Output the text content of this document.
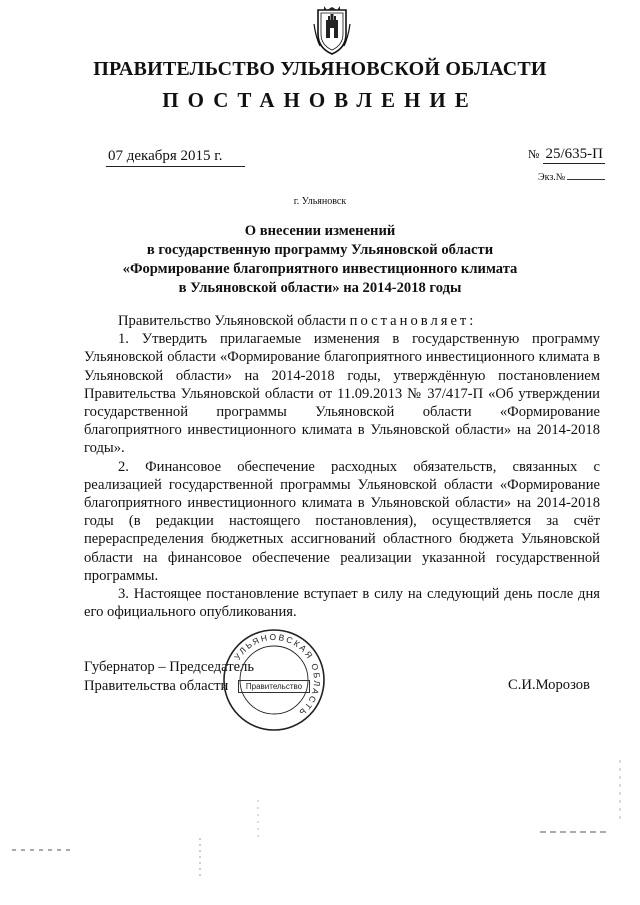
ПРАВИТЕЛЬСТВО УЛЬЯНОВСКОЙ ОБЛАСТИ
ПОСТАНОВЛЕНИЕ
07 декабря 2015 г.	№ 25/635-П
Экз.№
г. Ульяновск
О внесении изменений
в государственную программу Ульяновской области
«Формирование благоприятного инвестиционного климата
в Ульяновской области» на 2014-2018 годы

Правительство Ульяновской области постановляет:

1. Утвердить прилагаемые изменения в государственную программу Ульяновской области «Формирование благоприятного инвестиционного климата в Ульяновской области» на 2014-2018 годы, утверждённую постановлением Правительства Ульяновской области от 11.09.2013 № 37/417-П «Об утверждении государственной программы Ульяновской области «Формирование благоприятного инвестиционного климата в Ульяновской области» на 2014-2018 годы».

2. Финансовое обеспечение расходных обязательств, связанных с реализацией государственной программы Ульяновской области «Формирование благоприятного инвестиционного климата в Ульяновской области» на 2014-2018 годы (в редакции настоящего постановления), осуществляется за счёт перераспределения бюджетных ассигнований областного бюджета Ульяновской области на финансовое обеспечение реализации указанной государственной программы.

3. Настоящее постановление вступает в силу на следующий день после дня его официального опубликования.

Губернатор – Председатель
Правительства области
УЛЬЯНОВСКАЯ ОБЛАСТЬ
Правительство	С.И.Морозов
